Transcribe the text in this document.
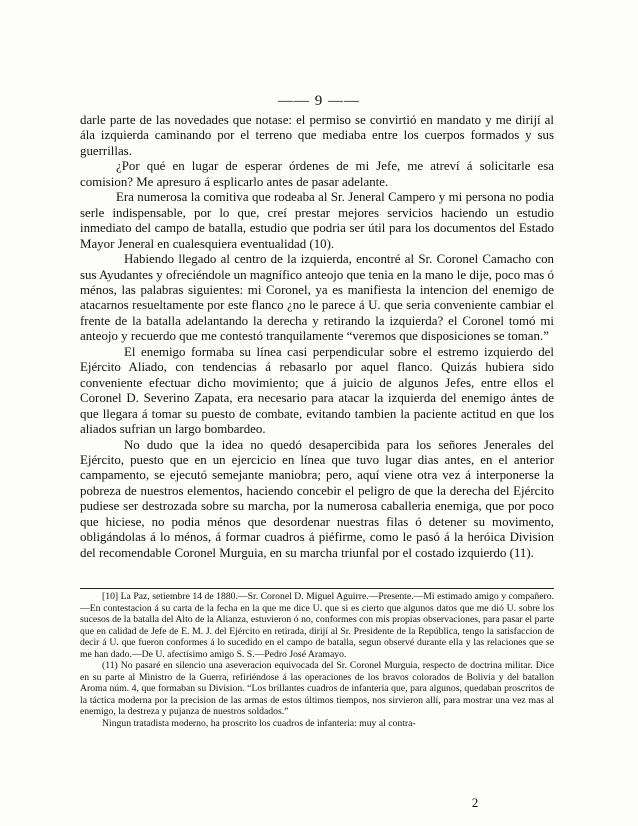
—— 9 ——

darle parte de las novedades que notase: el permiso se convirtió en mandato y me dirijí al ála izquierda caminando por el terreno que mediaba entre los cuerpos formados y sus guerrillas.

¿Por qué en lugar de esperar órdenes de mi Jefe, me atreví á solicitarle esa comision? Me apresuro á esplicarlo antes de pasar adelante.

Era numerosa la comitiva que rodeaba al Sr. Jeneral Campero y mi persona no podia serle indispensable, por lo que, creí prestar mejores servicios haciendo un estudio inmediato del campo de batalla, estudio que podria ser útil para los documentos del Estado Mayor Jeneral en cualesquiera eventualidad (10).

Habiendo llegado al centro de la izquierda, encontré al Sr. Coronel Camacho con sus Ayudantes y ofreciéndole un magnífico anteojo que tenia en la mano le dije, poco mas ó ménos, las palabras siguientes: mi Coronel, ya es manifiesta la intencion del enemigo de atacarnos resueltamente por este flanco ¿no le parece á U. que seria conveniente cambiar el frente de la batalla adelantando la derecha y retirando la izquierda? el Coronel tomó mi anteojo y recuerdo que me contestó tranquilamente “veremos que disposiciones se toman.”

El enemigo formaba su línea casi perpendicular sobre el estremo izquierdo del Ejército Aliado, con tendencias á rebasarlo por aquel flanco. Quizás hubiera sido conveniente efectuar dicho movimiento; que á juicio de algunos Jefes, entre ellos el Coronel D. Severino Zapata, era necesario para atacar la izquierda del enemigo ántes de que llegara á tomar su puesto de combate, evitando tambien la paciente actitud en que los aliados sufrian un largo bombardeo.

No dudo que la idea no quedó desapercibida para los señores Jenerales del Ejército, puesto que en un ejercicio en línea que tuvo lugar dias antes, en el anterior campamento, se ejecutó semejante maniobra; pero, aquí viene otra vez á interponerse la pobreza de nuestros elementos, haciendo concebir el peligro de que la derecha del Ejército pudiese ser destrozada sobre su marcha, por la numerosa caballeria enemiga, que por poco que hiciese, no podia ménos que desordenar nuestras filas ó detener su movimento, obligándolas á lo ménos, á formar cuadros á piéfirme, como le pasó á la heróica Division del recomendable Coronel Murguia, en su marcha triunfal por el costado izquierdo (11).

[10] La Paz, setiembre 14 de 1880.—Sr. Coronel D. Miguel Aguirre.—Presente.—Mi estimado amigo y compañero.—En contestacion á su carta de la fecha en la que me dice U. que si es cierto que algunos datos que me dió U. sobre los sucesos de la batalla del Alto de la Alianza, estuvieron ó no, conformes con mis propias observaciones, para pasar el parte que en calidad de Jefe de E. M. J. del Ejército en retirada, dirijí al Sr. Presidente de la República, tengo la satisfaccion de decir á U. que fueron conformes á lo sucedido en el campo de batalla, segun observé durante ella y las relaciones que se me han dado.—De U. afectísimo amigo S. S.—Pedro José Aramayo.

(11) No pasaré en silencio una aseveracion equivocada del Sr. Coronel Murguia, respecto de doctrina militar. Dice en su parte al Ministro de la Guerra, refiriéndose á las operaciones de los bravos colorados de Bolivia y del batallon Aroma núm. 4, que formaban su Division. “Los brillantes cuadros de infanteria que, para algunos, quedaban proscritos de la táctica moderna por la precision de las armas de estos últimos tiempos, nos sirvieron allí, para mostrar una vez mas al enemigo, la destreza y pujanza de nuestros soldados.”

Ningun tratadista moderno, ha proscrito los cuadros de infanteria: muy al contra-

2
